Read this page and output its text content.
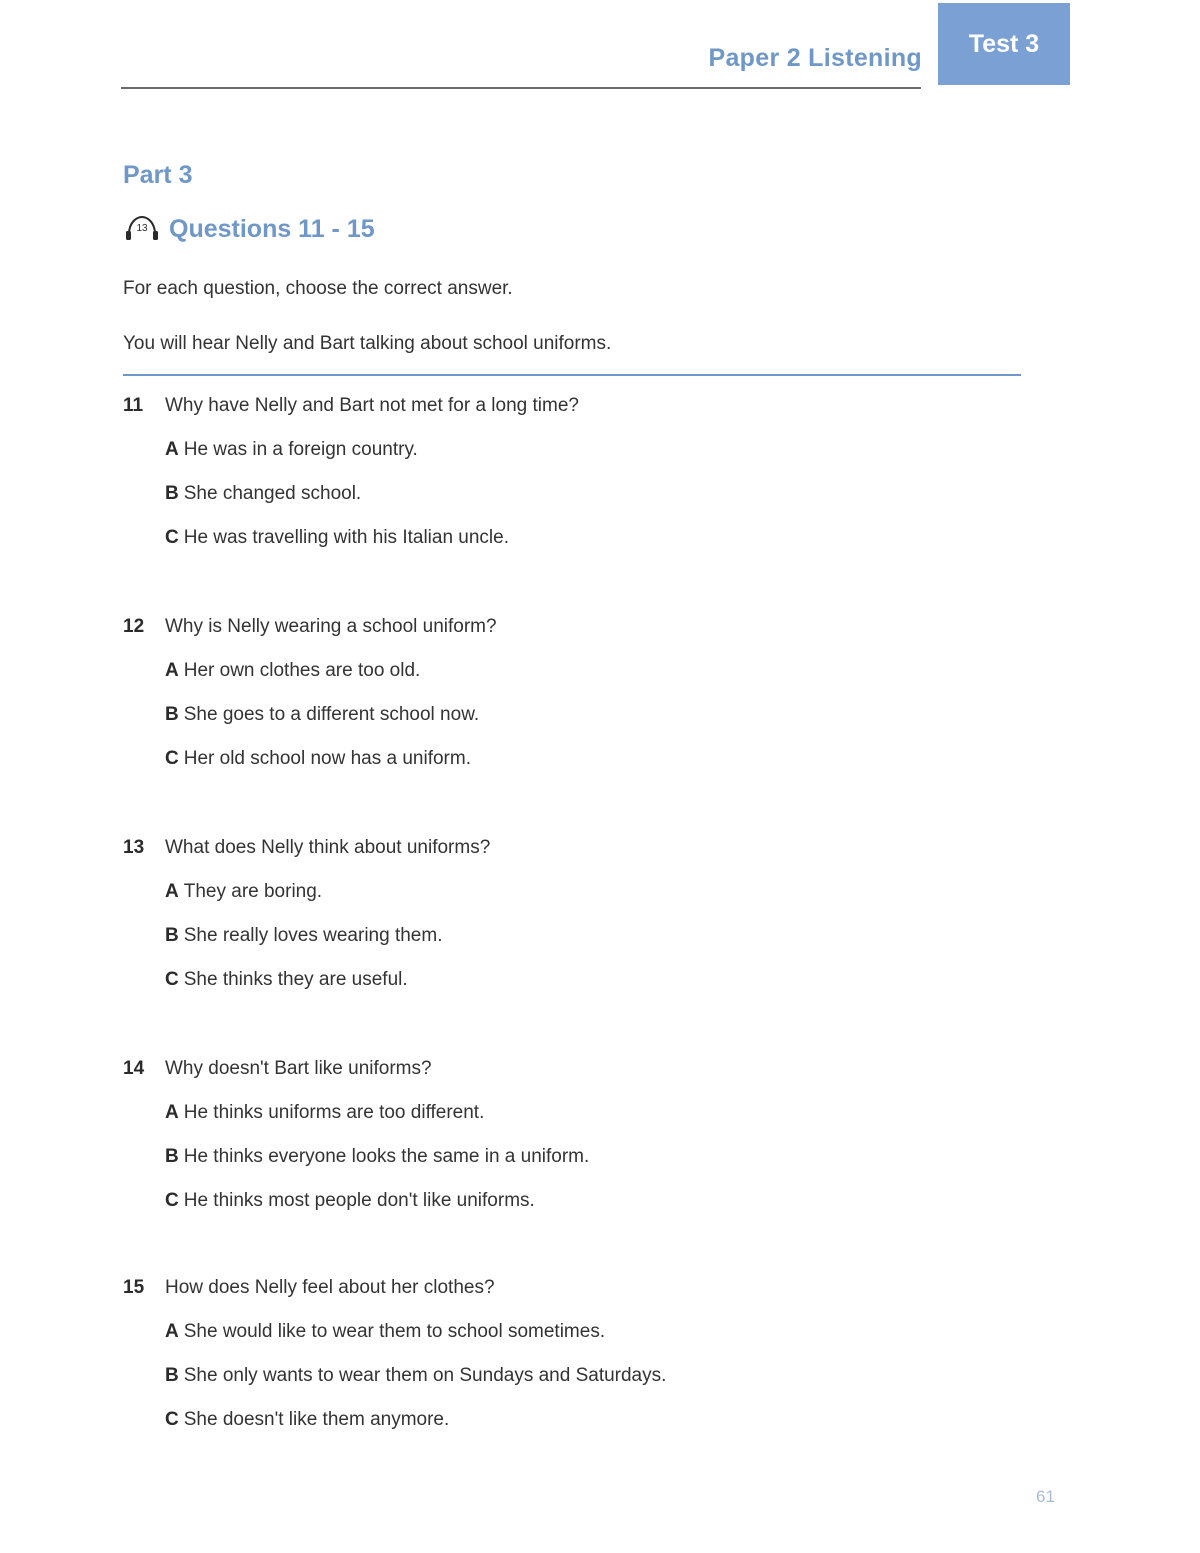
Paper 2 Listening
Test 3
Part 3
13 Questions 11 - 15
For each question, choose the correct answer.
You will hear Nelly and Bart talking about school uniforms.
11	Why have Nelly and Bart not met for a long time?
A He was in a foreign country.
B She changed school.
C He was travelling with his Italian uncle.
12	Why is Nelly wearing a school uniform?
A Her own clothes are too old.
B She goes to a different school now.
C Her old school now has a uniform.
13	What does Nelly think about uniforms?
A They are boring.
B She really loves wearing them.
C She thinks they are useful.
14	Why doesn't Bart like uniforms?
A He thinks uniforms are too different.
B He thinks everyone looks the same in a uniform.
C He thinks most people don't like uniforms.
15	How does Nelly feel about her clothes?
A She would like to wear them to school sometimes.
B She only wants to wear them on Sundays and Saturdays.
C She doesn't like them anymore.
61
